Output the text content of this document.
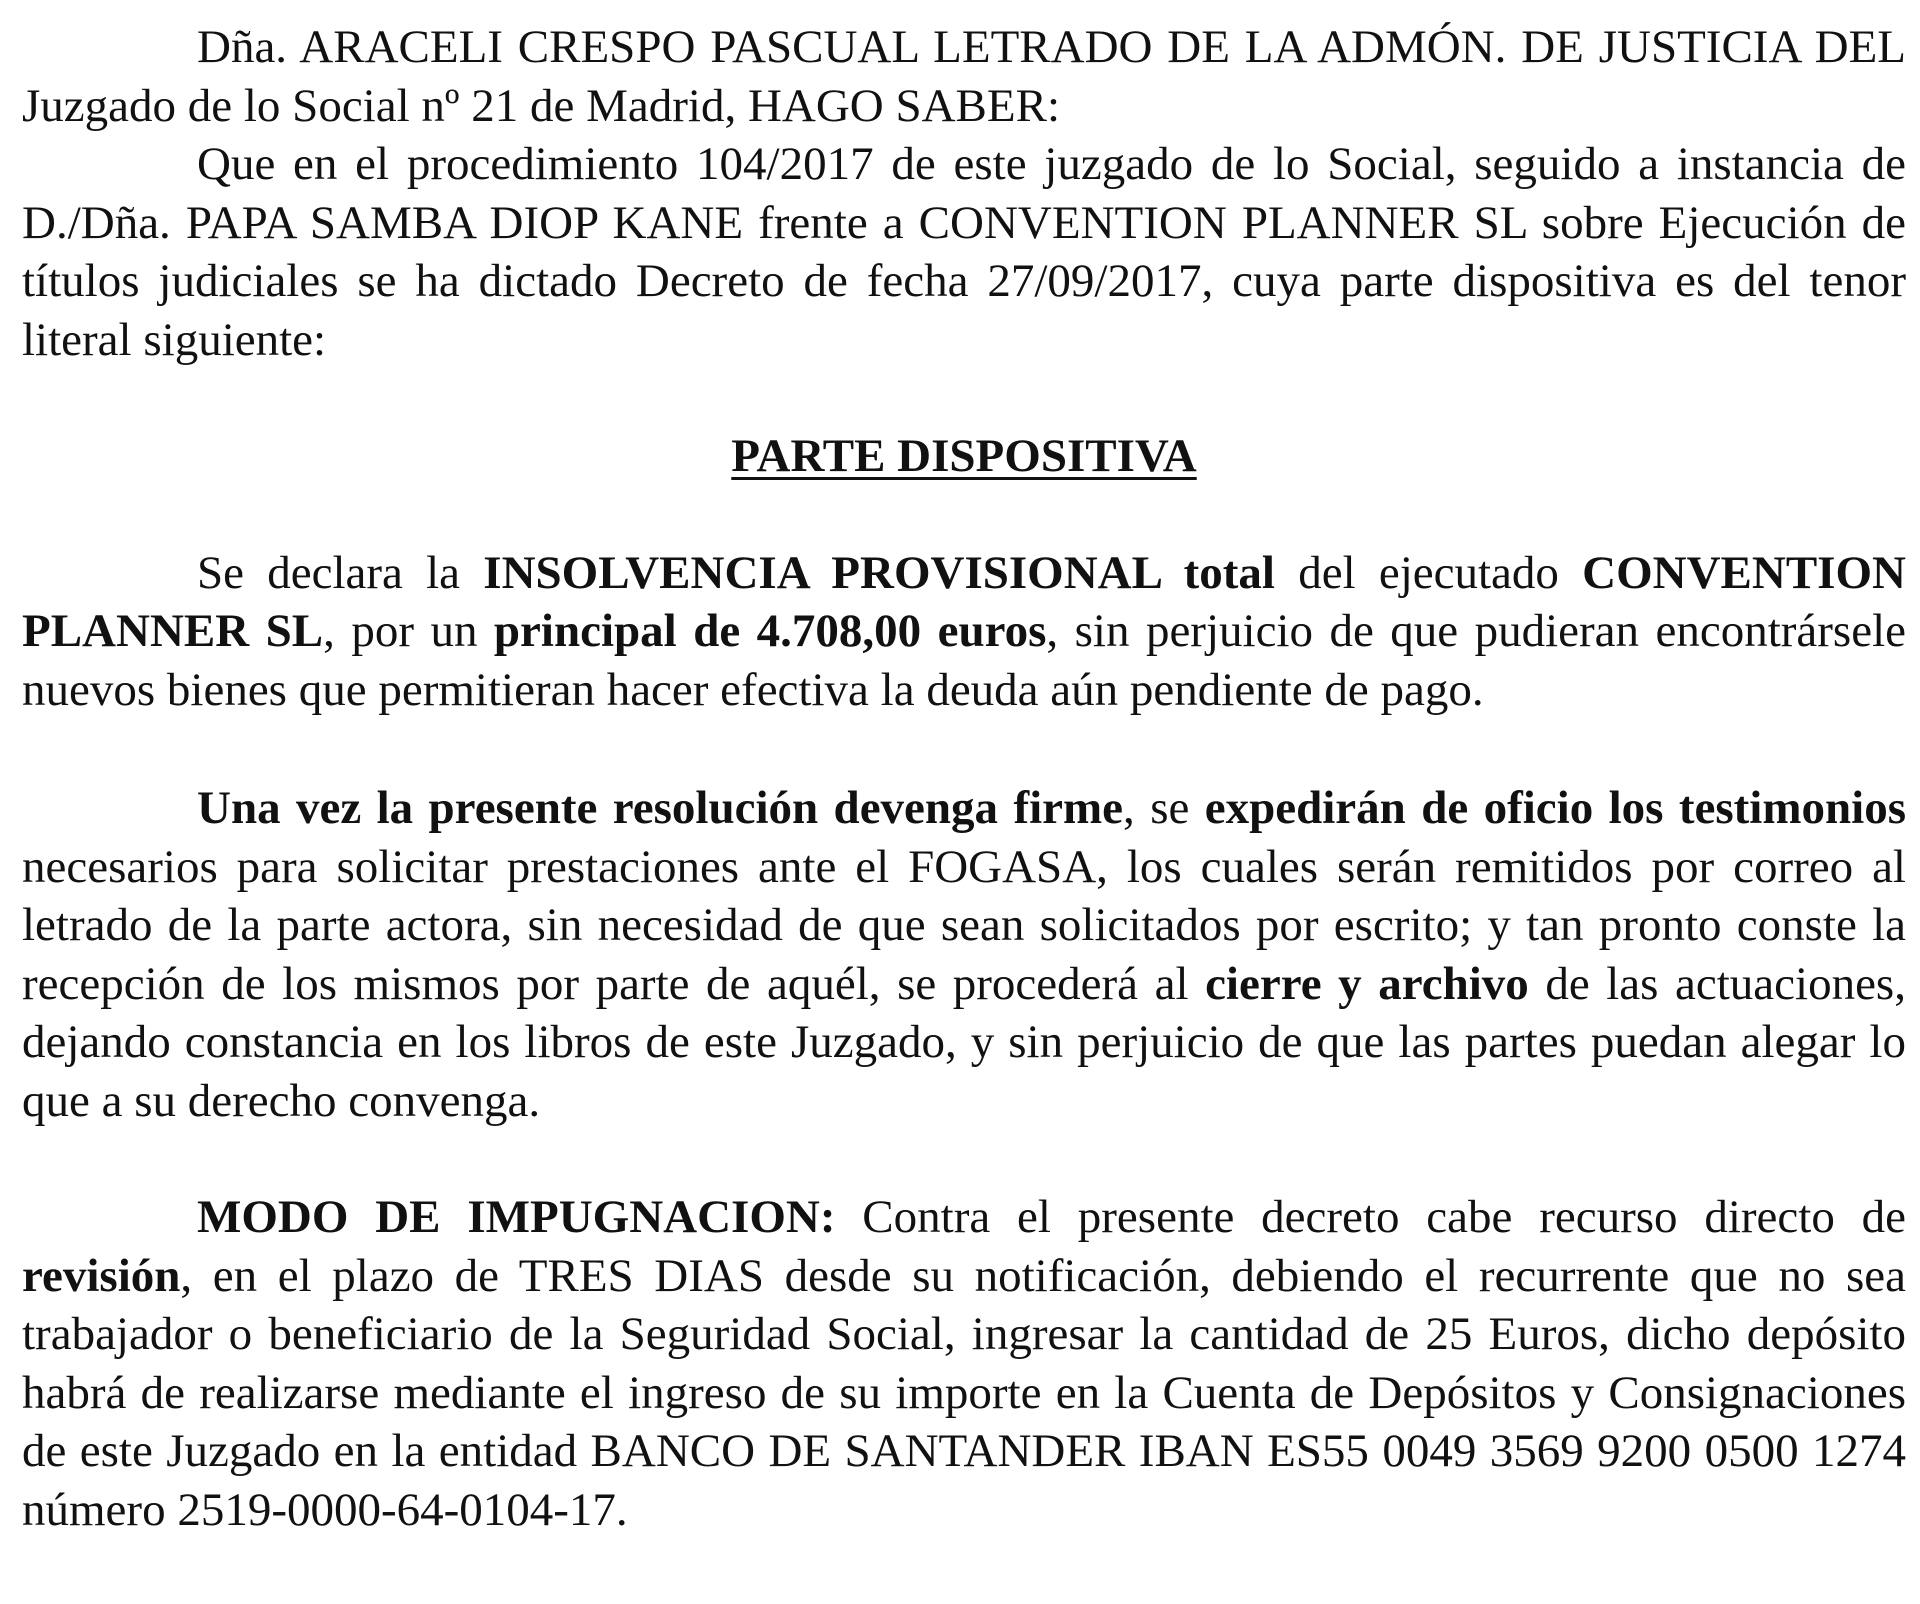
Dña. ARACELI CRESPO PASCUAL LETRADO DE LA ADMÓN. DE JUSTICIA DEL Juzgado de lo Social nº 21 de Madrid, HAGO SABER:

Que en el procedimiento 104/2017 de este juzgado de lo Social, seguido a instancia de D./Dña. PAPA SAMBA DIOP KANE frente a CONVENTION PLANNER SL sobre Ejecución de títulos judiciales se ha dictado Decreto de fecha 27/09/2017, cuya parte dispositiva es del tenor literal siguiente:

PARTE DISPOSITIVA

Se declara la INSOLVENCIA PROVISIONAL total del ejecutado CONVENTION PLANNER SL, por un principal de 4.708,00 euros, sin perjuicio de que pudieran encontrársele nuevos bienes que permitieran hacer efectiva la deuda aún pendiente de pago.

Una vez la presente resolución devenga firme, se expedirán de oficio los testimonios necesarios para solicitar prestaciones ante el FOGASA, los cuales serán remitidos por correo al letrado de la parte actora, sin necesidad de que sean solicitados por escrito; y tan pronto conste la recepción de los mismos por parte de aquél, se procederá al cierre y archivo de las actuaciones, dejando constancia en los libros de este Juzgado, y sin perjuicio de que las partes puedan alegar lo que a su derecho convenga.

MODO DE IMPUGNACION: Contra el presente decreto cabe recurso directo de revisión, en el plazo de TRES DIAS desde su notificación, debiendo el recurrente que no sea trabajador o beneficiario de la Seguridad Social, ingresar la cantidad de 25 Euros, dicho depósito habrá de realizarse mediante el ingreso de su importe en la Cuenta de Depósitos y Consignaciones de este Juzgado en la entidad BANCO DE SANTANDER IBAN ES55 0049 3569 9200 0500 1274 número 2519-0000-64-0104-17.
